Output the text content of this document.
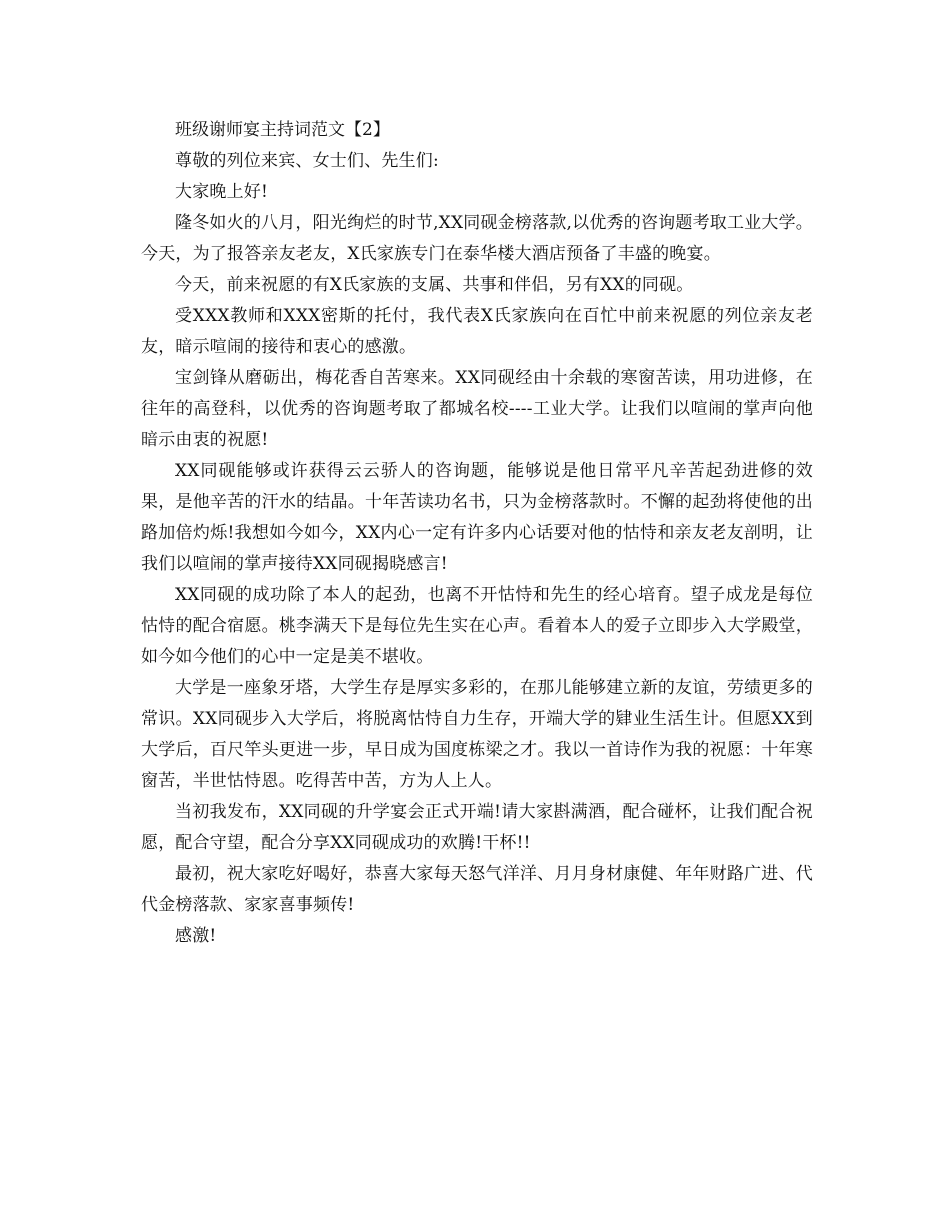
班级谢师宴主持词范文【2】

尊敬的列位来宾、女士们、先生们:

大家晚上好!

隆冬如火的八月，阳光绚烂的时节,XX同砚金榜落款,以优秀的咨询题考取工业大学。今天，为了报答亲友老友，X氏家族专门在泰华楼大酒店预备了丰盛的晚宴。

今天，前来祝愿的有X氏家族的支属、共事和伴侣，另有XX的同砚。

受XXX教师和XXX密斯的托付，我代表X氏家族向在百忙中前来祝愿的列位亲友老友，暗示喧闹的接待和衷心的感激。

宝剑锋从磨砺出，梅花香自苦寒来。XX同砚经由十余载的寒窗苦读，用功进修，在往年的高登科，以优秀的咨询题考取了都城名校----工业大学。让我们以喧闹的掌声向他暗示由衷的祝愿!

XX同砚能够或许获得云云骄人的咨询题，能够说是他日常平凡辛苦起劲进修的效果，是他辛苦的汗水的结晶。十年苦读功名书，只为金榜落款时。不懈的起劲将使他的出路加倍灼烁!我想如今如今，XX内心一定有许多内心话要对他的怙恃和亲友老友剖明，让我们以喧闹的掌声接待XX同砚揭晓感言!

XX同砚的成功除了本人的起劲，也离不开怙恃和先生的经心培育。望子成龙是每位怙恃的配合宿愿。桃李满天下是每位先生实在心声。看着本人的爱子立即步入大学殿堂，如今如今他们的心中一定是美不堪收。

大学是一座象牙塔，大学生存是厚实多彩的，在那儿能够建立新的友谊，劳绩更多的常识。XX同砚步入大学后，将脱离怙恃自力生存，开端大学的肄业生活生计。但愿XX到大学后，百尺竿头更进一步，早日成为国度栋梁之才。我以一首诗作为我的祝愿：十年寒窗苦，半世怙恃恩。吃得苦中苦，方为人上人。

当初我发布，XX同砚的升学宴会正式开端!请大家斟满酒，配合碰杯，让我们配合祝愿，配合守望，配合分享XX同砚成功的欢腾!干杯!!

最初，祝大家吃好喝好，恭喜大家每天怒气洋洋、月月身材康健、年年财路广进、代代金榜落款、家家喜事频传!

感激!
